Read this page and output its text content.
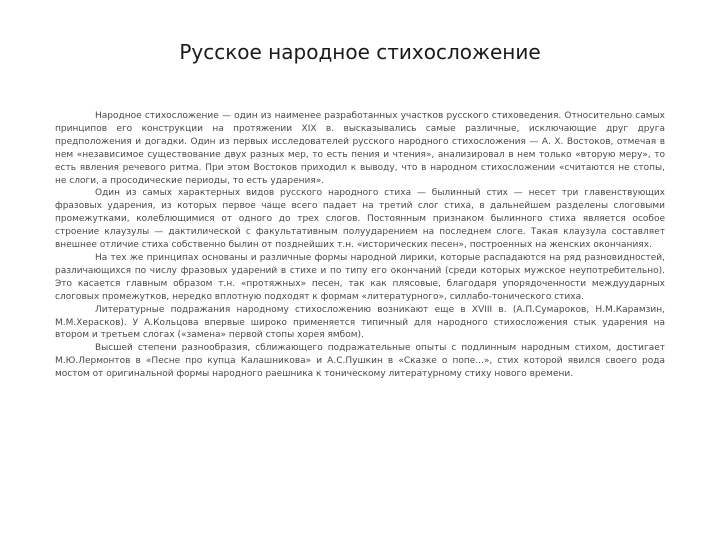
Русское народное стихосложение

Народное стихосложение — один из наименее разработанных участков русского стиховедения. Относительно самых принципов его конструкции на протяжении XIX в. высказывались самые различные, исключающие друг друга предположения и догадки. Один из первых исследователей русского народного стихосложения — А. Х. Востоков, отмечая в нем «независимое существование двух разных мер, то есть пения и чтения», анализировал в нем только «вторую меру», то есть явления речевого ритма. При этом Востоков приходил к выводу, что в народном стихосложении «считаются не стопы, не слоги, а просодические периоды, то есть ударения».

Один из самых характерных видов русского народного стиха — былинный стих — несет три главенствующих фразовых ударения, из которых первое чаще всего падает на третий слог стиха, в дальнейшем разделены слоговыми промежутками, колеблющимися от одного до трех слогов. Постоянным признаком былинного стиха является особое строение клаузулы — дактилической с факультативным полуударением на последнем слоге. Такая клаузула составляет внешнее отличие стиха собственно былин от позднейших т.н. «исторических песен», построенных на женских окончаниях.

На тех же принципах основаны и различные формы народной лирики, которые распадаются на ряд разновидностей, различающихся по числу фразовых ударений в стихе и по типу его окончаний (среди которых мужское неупотребительно). Это касается главным образом т.н. «протяжных» песен, так как плясовые, благодаря упорядоченности междуударных слоговых промежутков, нередко вплотную подходят к формам «литературного», силлабо-тонического стиха.

Литературные подражания народному стихосложению возникают еще в XVIII в. (А.П.Сумароков, Н.М.Карамзин, М.М.Херасков). У А.Кольцова впервые широко применяется типичный для народного стихосложения стык ударения на втором и третьем слогах («замена» первой стопы хорея ямбом).

Высшей степени разнообразия, сближающего подражательные опыты с подлинным народным стихом, достигает М.Ю.Лермонтов в «Песне про купца Калашникова» и А.С.Пушкин в «Сказке о попе...», стих которой явился своего рода мостом от оригинальной формы народного раешника к тоническому литературному стиху нового времени.
